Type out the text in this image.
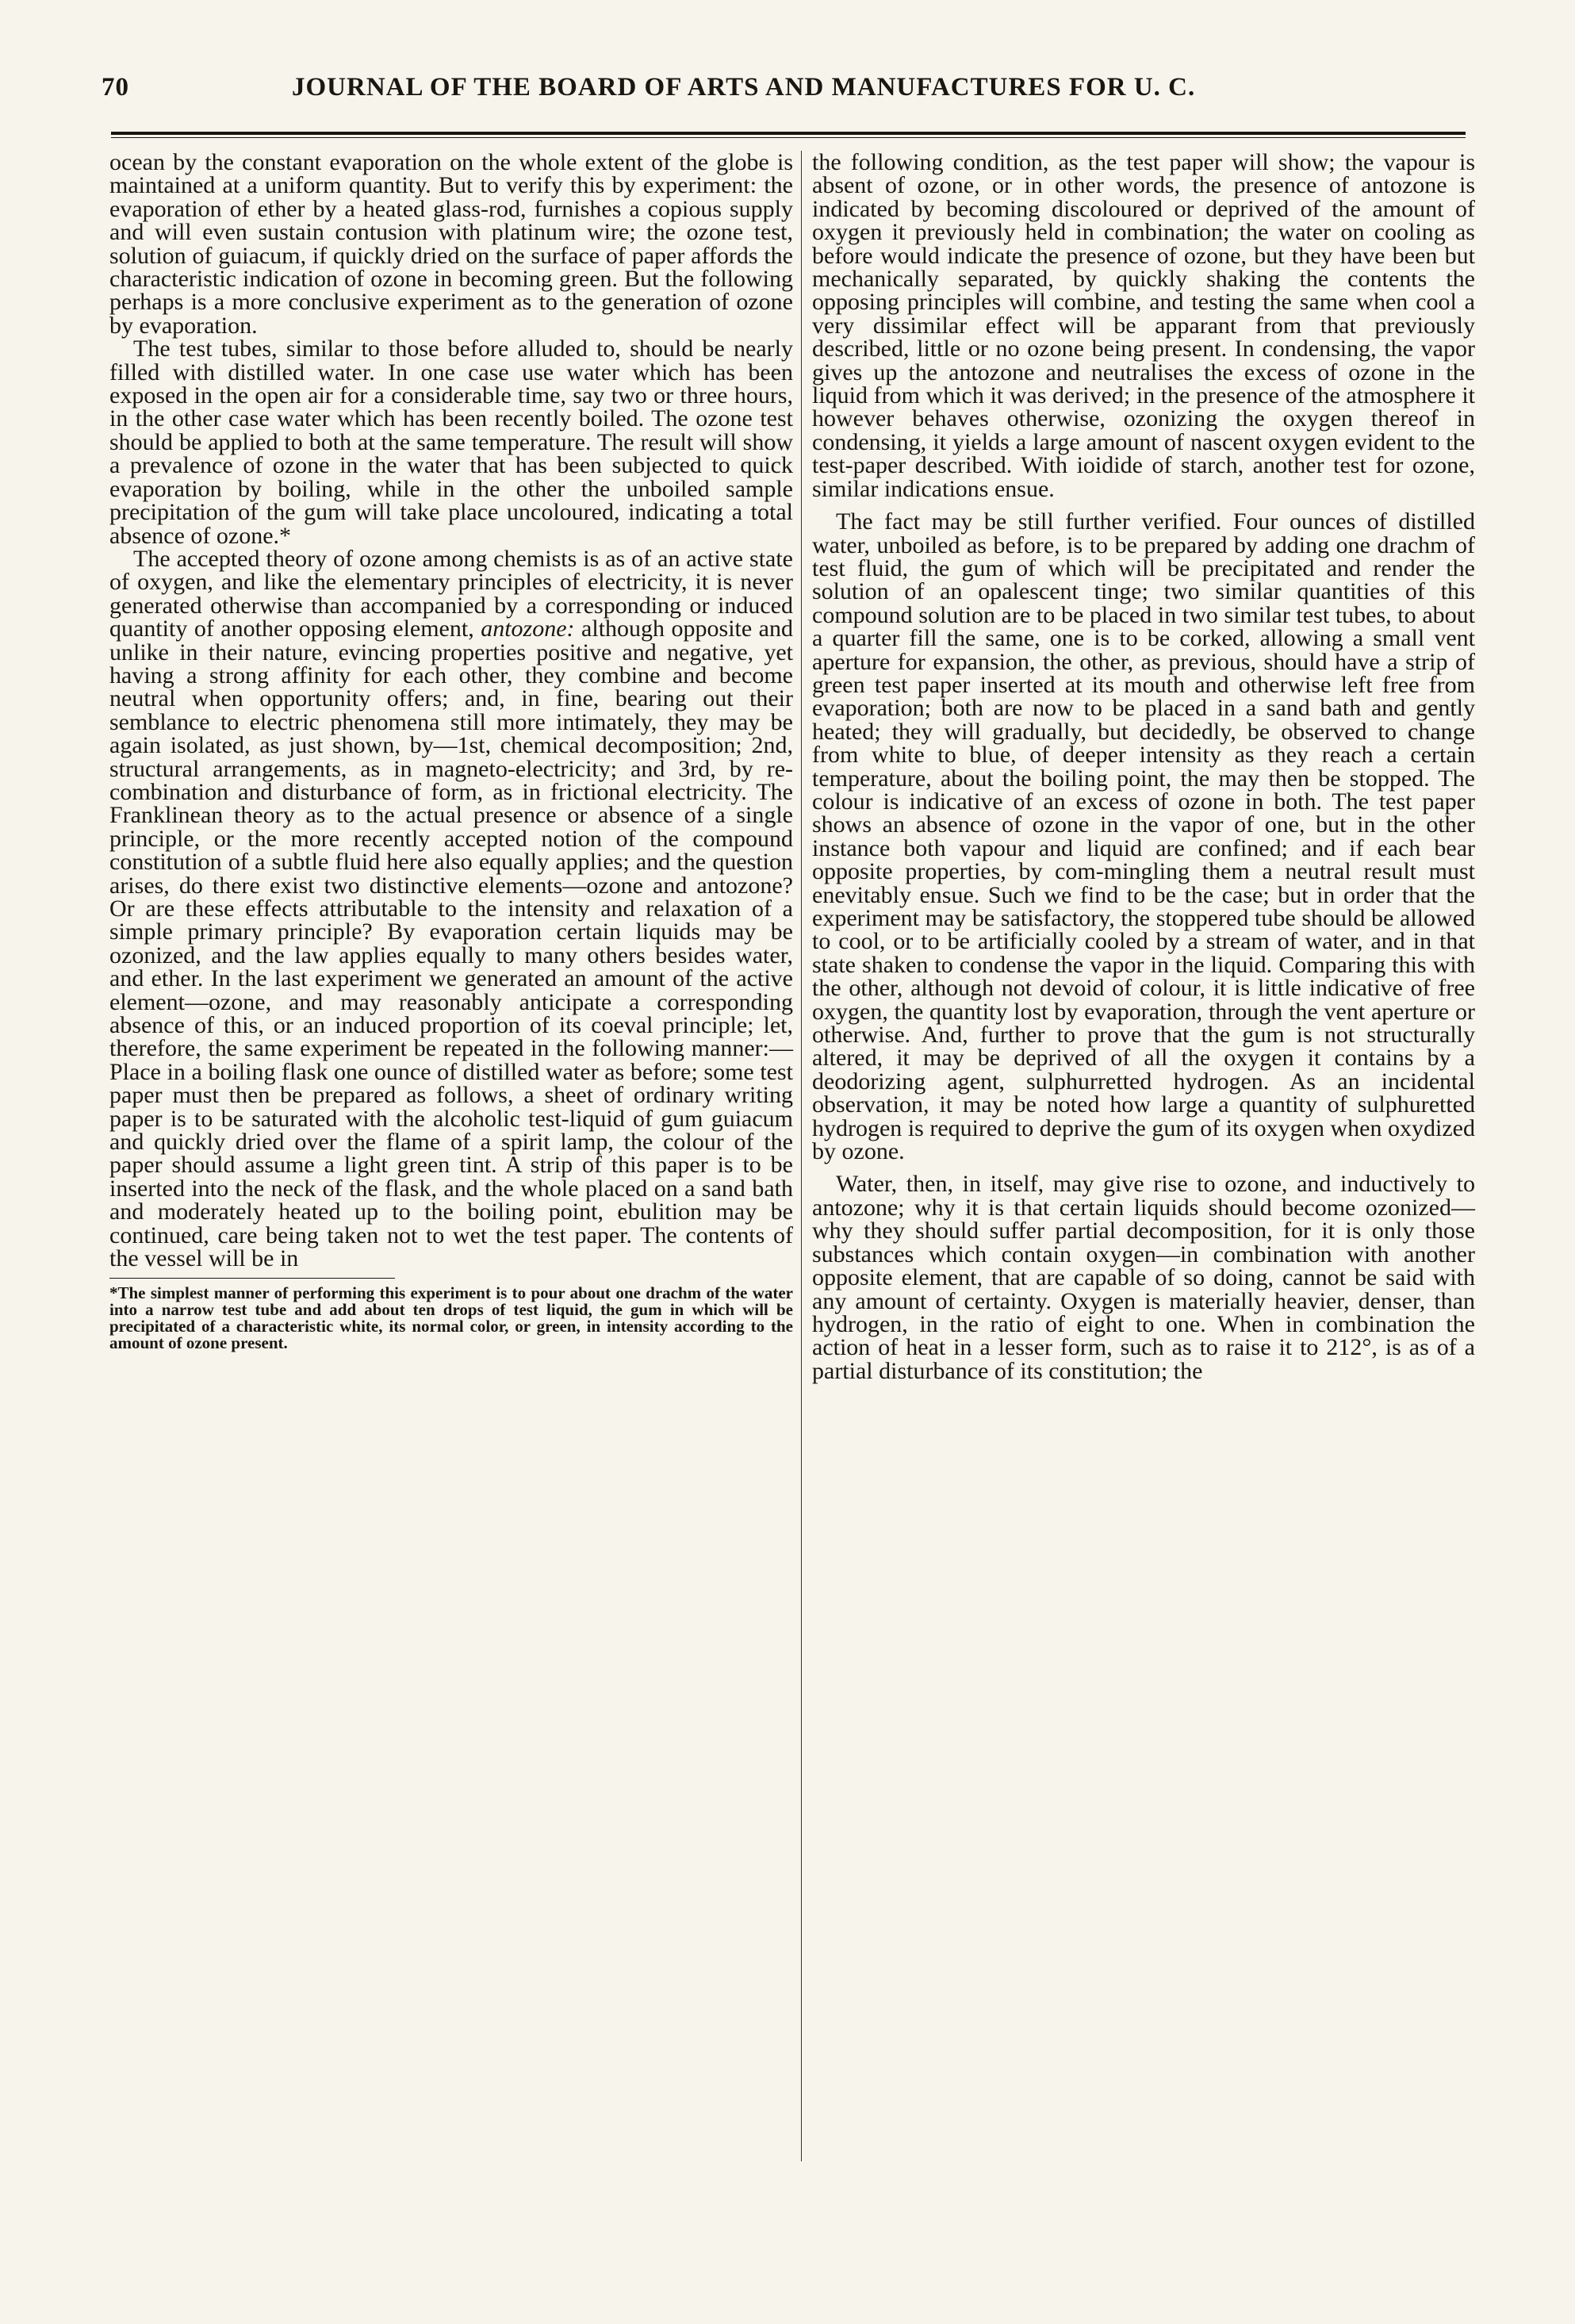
70	JOURNAL OF THE BOARD OF ARTS AND MANUFACTURES FOR U. C.

ocean by the constant evaporation on the whole extent of the globe is maintained at a uniform quantity. But to verify this by experiment: the evaporation of ether by a heated glass-rod, furnishes a copious supply and will even sustain contusion with platinum wire; the ozone test, solution of guiacum, if quickly dried on the surface of paper affords the characteristic indication of ozone in becoming green. But the following perhaps is a more conclusive experiment as to the generation of ozone by evaporation.

The test tubes, similar to those before alluded to, should be nearly filled with distilled water. In one case use water which has been exposed in the open air for a considerable time, say two or three hours, in the other case water which has been recently boiled. The ozone test should be applied to both at the same temperature. The result will show a prevalence of ozone in the water that has been subjected to quick evaporation by boiling, while in the other the unboiled sample precipitation of the gum will take place uncoloured, indicating a total absence of ozone.*

The accepted theory of ozone among chemists is as of an active state of oxygen, and like the elementary principles of electricity, it is never generated otherwise than accompanied by a corresponding or induced quantity of another opposing element, antozone: although opposite and unlike in their nature, evincing properties positive and negative, yet having a strong affinity for each other, they combine and become neutral when opportunity offers; and, in fine, bearing out their semblance to electric phenomena still more intimately, they may be again isolated, as just shown, by—1st, chemical decomposition; 2nd, structural arrangements, as in magneto-electricity; and 3rd, by re-combination and disturbance of form, as in frictional electricity. The Franklinean theory as to the actual presence or absence of a single principle, or the more recently accepted notion of the compound constitution of a subtle fluid here also equally applies; and the question arises, do there exist two distinctive elements—ozone and antozone? Or are these effects attributable to the intensity and relaxation of a simple primary principle? By evaporation certain liquids may be ozonized, and the law applies equally to many others besides water, and ether. In the last experiment we generated an amount of the active element—ozone, and may reasonably anticipate a corresponding absence of this, or an induced proportion of its coeval principle; let, therefore, the same experiment be repeated in the following manner:—Place in a boiling flask one ounce of distilled water as before; some test paper must then be prepared as follows, a sheet of ordinary writing paper is to be saturated with the alcoholic test-liquid of gum guiacum and quickly dried over the flame of a spirit lamp, the colour of the paper should assume a light green tint. A strip of this paper is to be inserted into the neck of the flask, and the whole placed on a sand bath and moderately heated up to the boiling point, ebulition may be continued, care being taken not to wet the test paper. The contents of the vessel will be in

*The simplest manner of performing this experiment is to pour about one drachm of the water into a narrow test tube and add about ten drops of test liquid, the gum in which will be precipitated of a characteristic white, its normal color, or green, in intensity according to the amount of ozone present.

the following condition, as the test paper will show; the vapour is absent of ozone, or in other words, the presence of antozone is indicated by becoming discoloured or deprived of the amount of oxygen it previously held in combination; the water on cooling as before would indicate the presence of ozone, but they have been but mechanically separated, by quickly shaking the contents the opposing principles will combine, and testing the same when cool a very dissimilar effect will be apparant from that previously described, little or no ozone being present. In condensing, the vapor gives up the antozone and neutralises the excess of ozone in the liquid from which it was derived; in the presence of the atmosphere it however behaves otherwise, ozonizing the oxygen thereof in condensing, it yields a large amount of nascent oxygen evident to the test-paper described. With ioidide of starch, another test for ozone, similar indications ensue.

The fact may be still further verified. Four ounces of distilled water, unboiled as before, is to be prepared by adding one drachm of test fluid, the gum of which will be precipitated and render the solution of an opalescent tinge; two similar quantities of this compound solution are to be placed in two similar test tubes, to about a quarter fill the same, one is to be corked, allowing a small vent aperture for expansion, the other, as previous, should have a strip of green test paper inserted at its mouth and otherwise left free from evaporation; both are now to be placed in a sand bath and gently heated; they will gradually, but decidedly, be observed to change from white to blue, of deeper intensity as they reach a certain temperature, about the boiling point, the may then be stopped. The colour is indicative of an excess of ozone in both. The test paper shows an absence of ozone in the vapor of one, but in the other instance both vapour and liquid are confined; and if each bear opposite properties, by com-mingling them a neutral result must enevitably ensue. Such we find to be the case; but in order that the experiment may be satisfactory, the stoppered tube should be allowed to cool, or to be artificially cooled by a stream of water, and in that state shaken to condense the vapor in the liquid. Comparing this with the other, although not devoid of colour, it is little indicative of free oxygen, the quantity lost by evaporation, through the vent aperture or otherwise. And, further to prove that the gum is not structurally altered, it may be deprived of all the oxygen it contains by a deodorizing agent, sulphurretted hydrogen. As an incidental observation, it may be noted how large a quantity of sulphuretted hydrogen is required to deprive the gum of its oxygen when oxydized by ozone.

Water, then, in itself, may give rise to ozone, and inductively to antozone; why it is that certain liquids should become ozonized—why they should suffer partial decomposition, for it is only those substances which contain oxygen—in combination with another opposite element, that are capable of so doing, cannot be said with any amount of certainty. Oxygen is materially heavier, denser, than hydrogen, in the ratio of eight to one. When in combination the action of heat in a lesser form, such as to raise it to 212°, is as of a partial disturbance of its constitution; the
